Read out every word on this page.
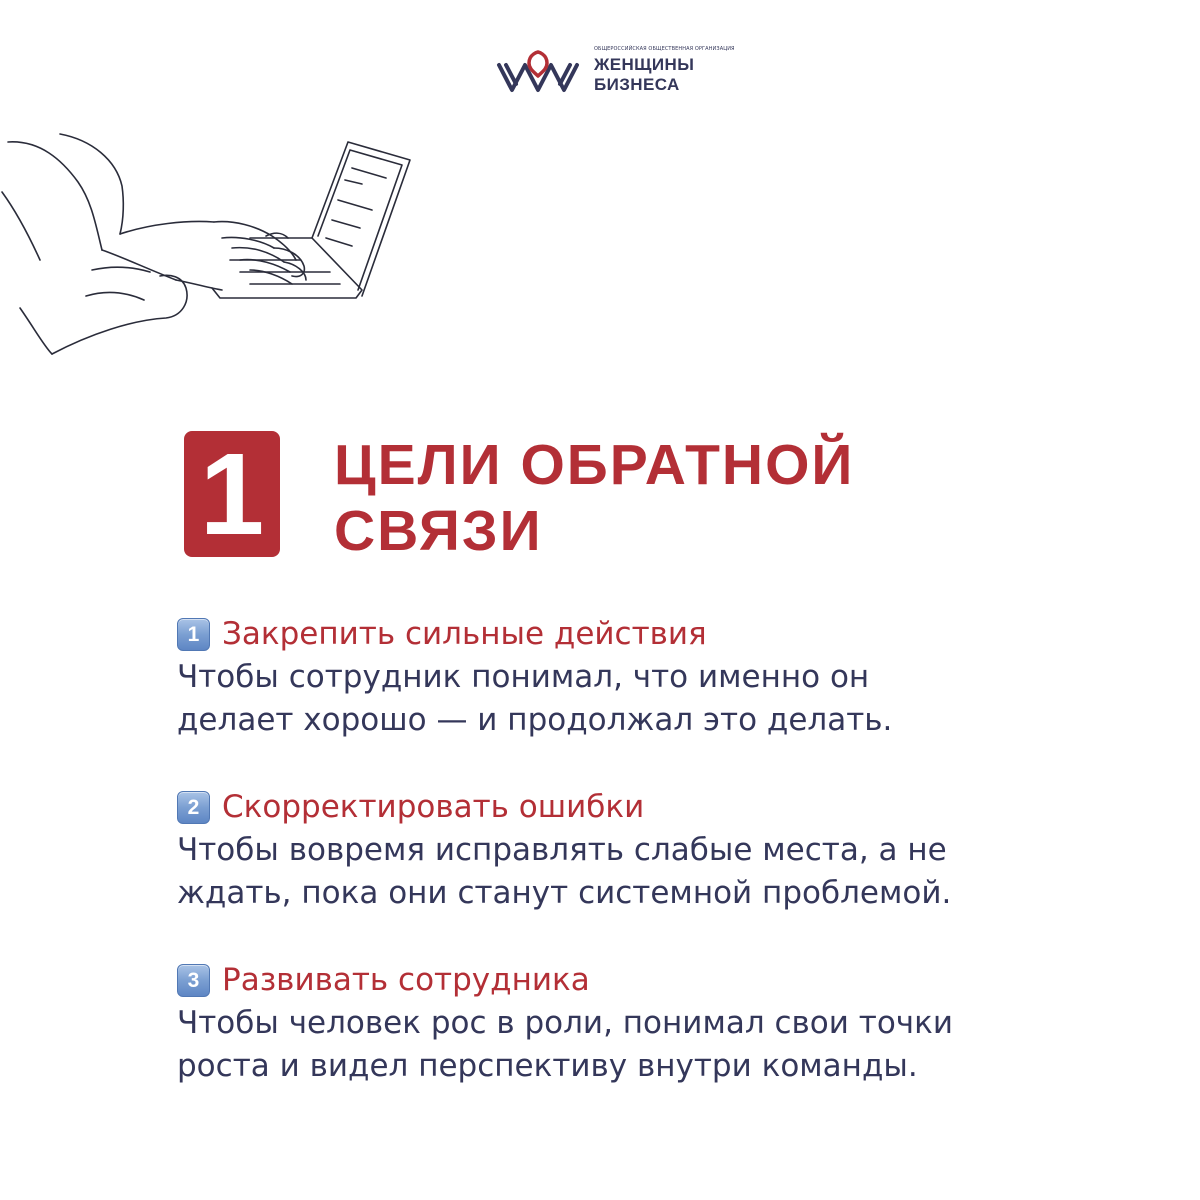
ОБЩЕРОССИЙСКАЯ ОБЩЕСТВЕННАЯ ОРГАНИЗАЦИЯ
ЖЕНЩИНЫ
БИЗНЕСА
1 ЦЕЛИ ОБРАТНОЙ
СВЯЗИ
1 Закрепить сильные действия
Чтобы сотрудник понимал, что именно он
делает хорошо — и продолжал это делать.
2 Скорректировать ошибки
Чтобы вовремя исправлять слабые места, а не
ждать, пока они станут системной проблемой.
3 Развивать сотрудника
Чтобы человек рос в роли, понимал свои точки
роста и видел перспективу внутри команды.
